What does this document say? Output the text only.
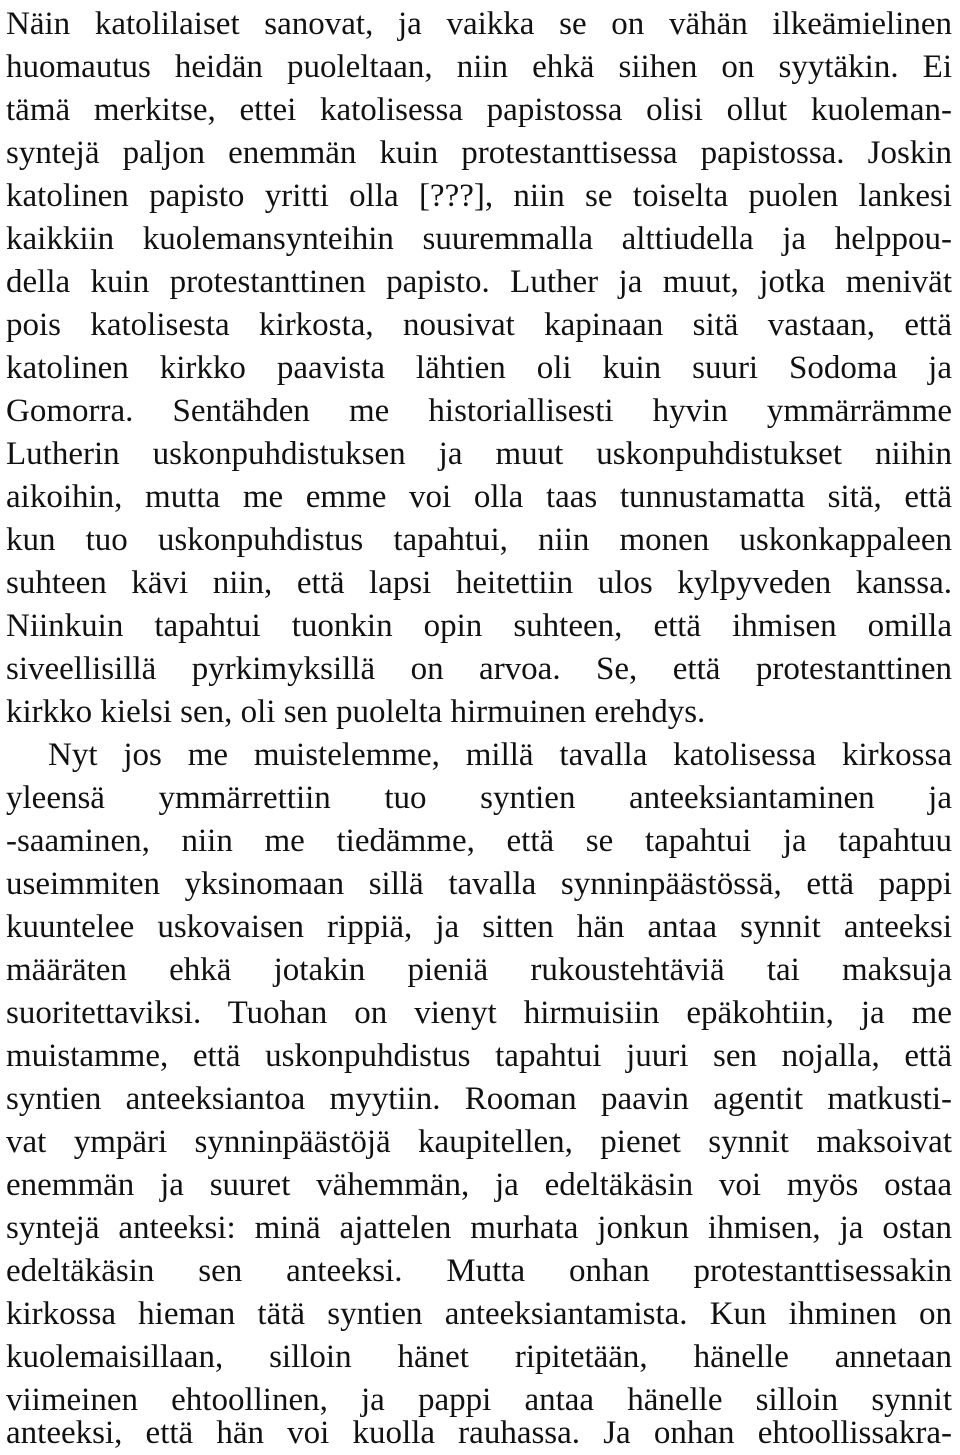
Näin katolilaiset sanovat, ja vaikka se on vähän ilkeämielinen
huomautus heidän puoleltaan, niin ehkä siihen on syytäkin. Ei
tämä merkitse, ettei katolisessa papistossa olisi ollut kuoleman-
syntejä paljon enemmän kuin protestanttisessa papistossa. Joskin
katolinen papisto yritti olla [???], niin se toiselta puolen lankesi
kaikkiin kuolemansynteihin suuremmalla alttiudella ja helppou-
della kuin protestanttinen papisto. Luther ja muut, jotka menivät
pois katolisesta kirkosta, nousivat kapinaan sitä vastaan, että
katolinen kirkko paavista lähtien oli kuin suuri Sodoma ja
Gomorra. Sentähden me historiallisesti hyvin ymmärrämme
Lutherin uskonpuhdistuksen ja muut uskonpuhdistukset niihin
aikoihin, mutta me emme voi olla taas tunnustamatta sitä, että
kun tuo uskonpuhdistus tapahtui, niin monen uskonkappaleen
suhteen kävi niin, että lapsi heitettiin ulos kylpyveden kanssa.
Niinkuin tapahtui tuonkin opin suhteen, että ihmisen omilla
siveellisillä pyrkimyksillä on arvoa. Se, että protestanttinen
kirkko kielsi sen, oli sen puolelta hirmuinen erehdys.
Nyt jos me muistelemme, millä tavalla katolisessa kirkossa
yleensä ymmärrettiin tuo syntien anteeksiantaminen ja
-saaminen, niin me tiedämme, että se tapahtui ja tapahtuu
useimmiten yksinomaan sillä tavalla synninpäästössä, että pappi
kuuntelee uskovaisen rippiä, ja sitten hän antaa synnit anteeksi
määräten ehkä jotakin pieniä rukoustehtäviä tai maksuja
suoritettaviksi. Tuohan on vienyt hirmuisiin epäkohtiin, ja me
muistamme, että uskonpuhdistus tapahtui juuri sen nojalla, että
syntien anteeksiantoa myytiin. Rooman paavin agentit matkusti-
vat ympäri synninpäästöjä kaupitellen, pienet synnit maksoivat
enemmän ja suuret vähemmän, ja edeltäkäsin voi myös ostaa
syntejä anteeksi: minä ajattelen murhata jonkun ihmisen, ja ostan
edeltäkäsin sen anteeksi. Mutta onhan protestanttisessakin
kirkossa hieman tätä syntien anteeksiantamista. Kun ihminen on
kuolemaisillaan, silloin hänet ripitetään, hänelle annetaan
viimeinen ehtoollinen, ja pappi antaa hänelle silloin synnit
anteeksi, että hän voi kuolla rauhassa. Ja onhan ehtoollissakra-
